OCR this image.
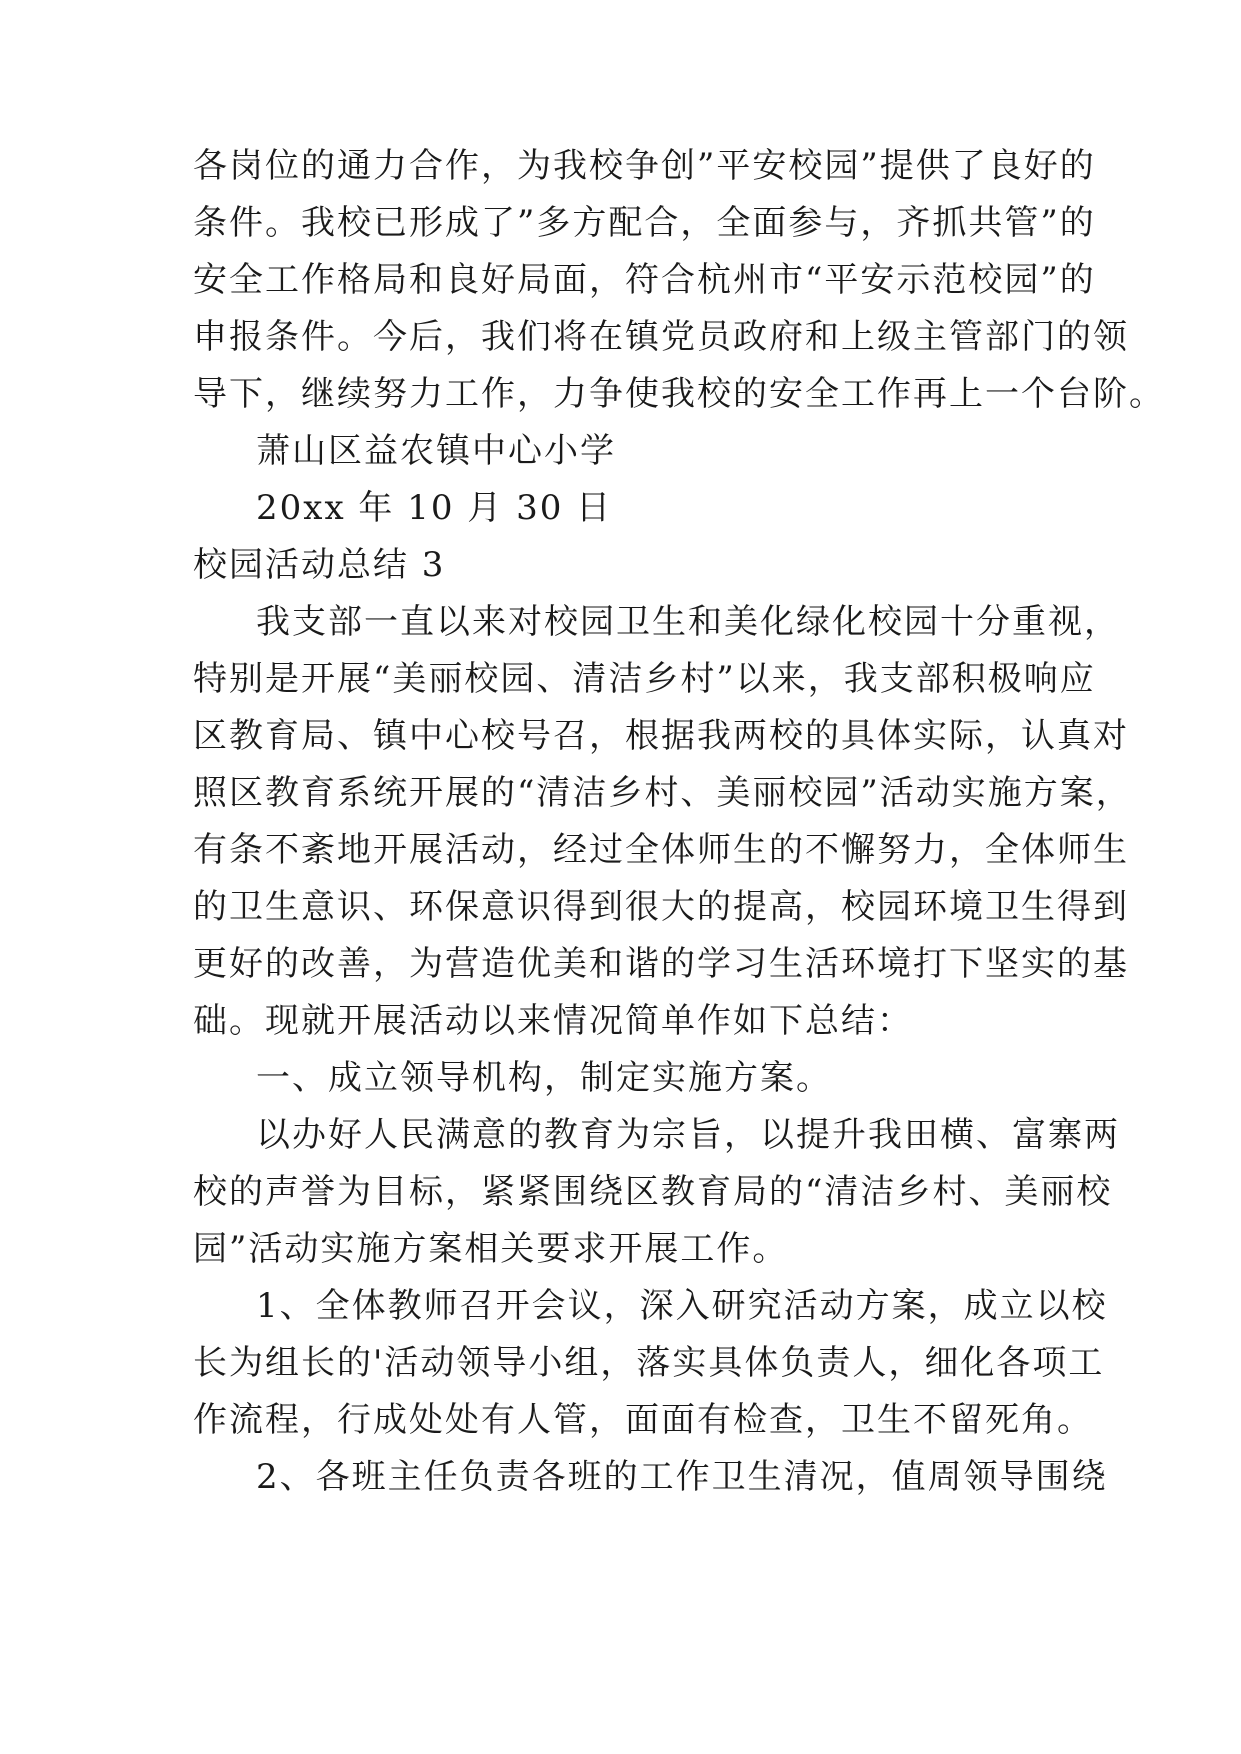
各岗位的通力合作，为我校争创”平安校园”提供了良好的
条件。我校已形成了”多方配合，全面参与，齐抓共管”的
安全工作格局和良好局面，符合杭州市“平安示范校园”的
申报条件。今后，我们将在镇党员政府和上级主管部门的领
导下，继续努力工作，力争使我校的安全工作再上一个台阶。
萧山区益农镇中心小学
20xx 年 10 月 30 日
校园活动总结 3
我支部一直以来对校园卫生和美化绿化校园十分重视，
特别是开展“美丽校园、清洁乡村”以来，我支部积极响应
区教育局、镇中心校号召，根据我两校的具体实际，认真对
照区教育系统开展的“清洁乡村、美丽校园”活动实施方案，
有条不紊地开展活动，经过全体师生的不懈努力，全体师生
的卫生意识、环保意识得到很大的提高，校园环境卫生得到
更好的改善，为营造优美和谐的学习生活环境打下坚实的基
础。现就开展活动以来情况简单作如下总结：
一、成立领导机构，制定实施方案。
以办好人民满意的教育为宗旨，以提升我田横、富寨两
校的声誉为目标，紧紧围绕区教育局的“清洁乡村、美丽校
园”活动实施方案相关要求开展工作。
1、全体教师召开会议，深入研究活动方案，成立以校
长为组长的'活动领导小组，落实具体负责人，细化各项工
作流程，行成处处有人管，面面有检查，卫生不留死角。
2、各班主任负责各班的工作卫生清况，值周领导围绕
